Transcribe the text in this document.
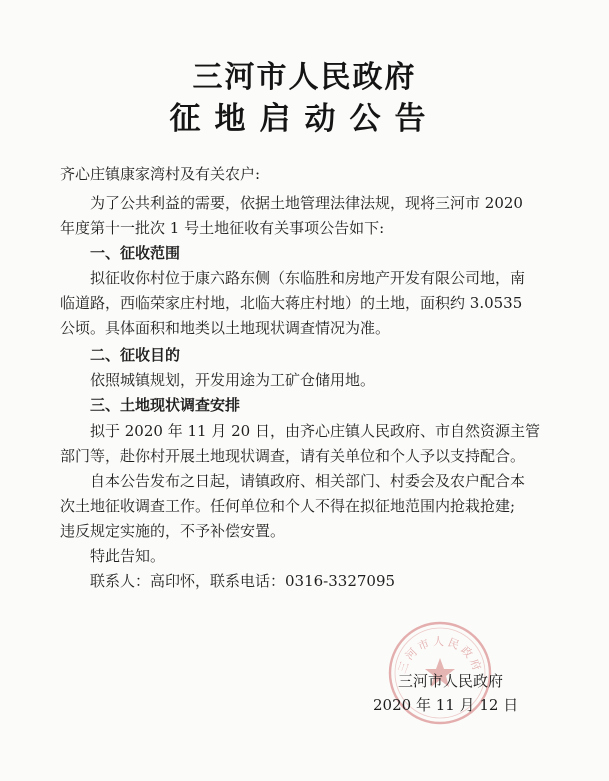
三河市人民政府
征地启动公告
齐心庄镇康家湾村及有关农户:
为了公共利益的需要，依据土地管理法律法规，现将三河市 2020
年度第十一批次 1 号土地征收有关事项公告如下:
一、征收范围
拟征收你村位于康六路东侧（东临胜和房地产开发有限公司地，南
临道路，西临荣家庄村地，北临大蒋庄村地）的土地，面积约 3.0535
公顷。具体面积和地类以土地现状调查情况为准。
二、征收目的
依照城镇规划，开发用途为工矿仓储用地。
三、土地现状调查安排
拟于 2020 年 11 月 20 日，由齐心庄镇人民政府、市自然资源主管
部门等，赴你村开展土地现状调查，请有关单位和个人予以支持配合。
自本公告发布之日起，请镇政府、相关部门、村委会及农户配合本
次土地征收调查工作。任何单位和个人不得在拟征地范围内抢栽抢建;
违反规定实施的，不予补偿安置。
特此告知。
联系人：高印怀，联系电话：0316-3327095
三河市人民政府
三河市人民政府
2020 年 11 月 12 日
